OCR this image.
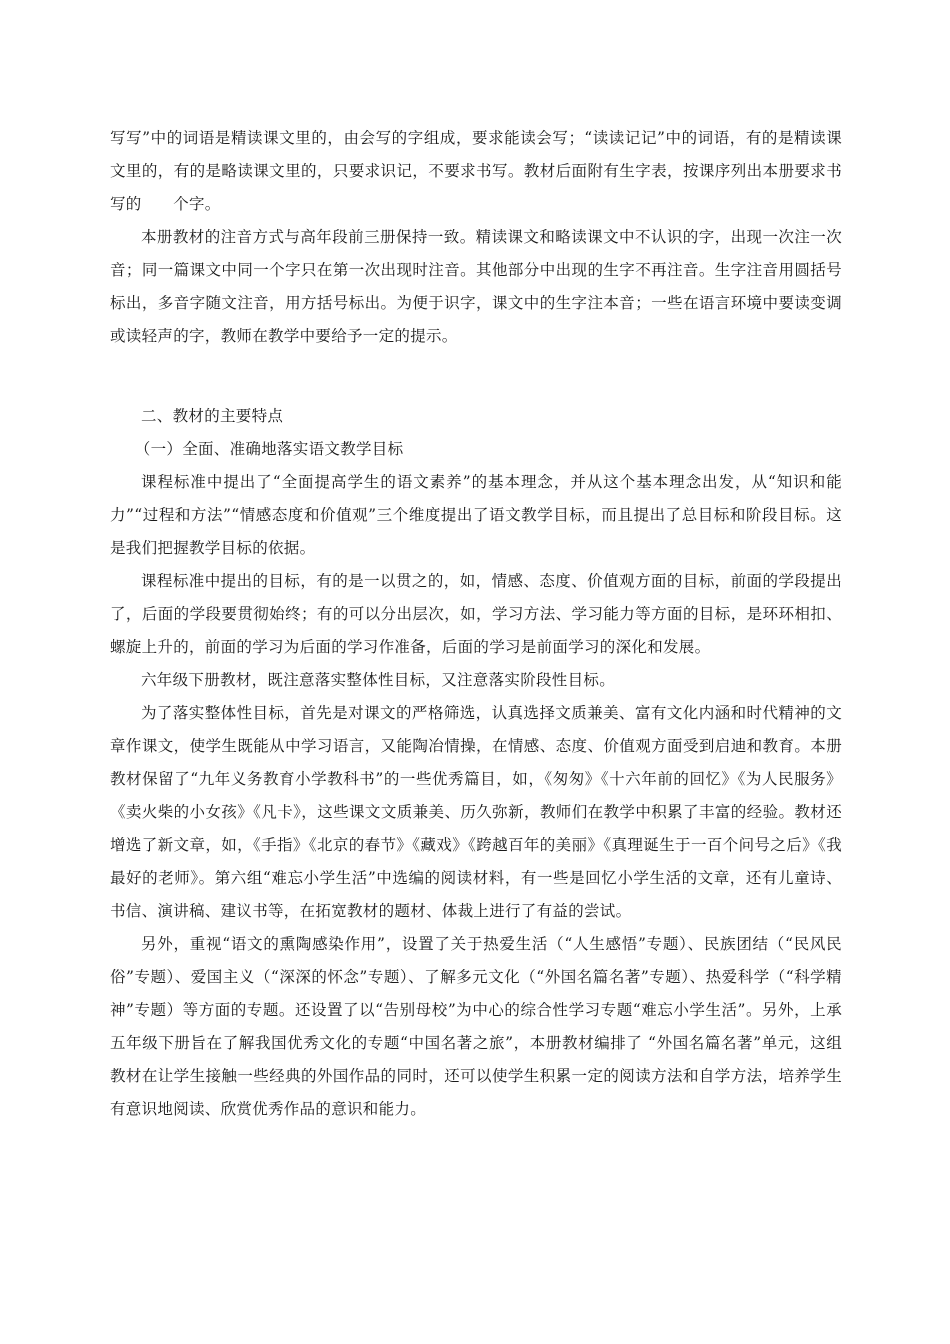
写写”中的词语是精读课文里的，由会写的字组成，要求能读会写；“读读记记”中的词语，有的是精读课文里的，有的是略读课文里的，只要求识记，不要求书写。教材后面附有生字表，按课序列出本册要求书写的　　个字。

本册教材的注音方式与高年段前三册保持一致。精读课文和略读课文中不认识的字，出现一次注一次音；同一篇课文中同一个字只在第一次出现时注音。其他部分中出现的生字不再注音。生字注音用圆括号标出，多音字随文注音，用方括号标出。为便于识字，课文中的生字注本音；一些在语言环境中要读变调或读轻声的字，教师在教学中要给予一定的提示。

二、教材的主要特点

（一）全面、准确地落实语文教学目标

课程标准中提出了“全面提高学生的语文素养”的基本理念，并从这个基本理念出发，从“知识和能力”“过程和方法”“情感态度和价值观”三个维度提出了语文教学目标，而且提出了总目标和阶段目标。这是我们把握教学目标的依据。

课程标准中提出的目标，有的是一以贯之的，如，情感、态度、价值观方面的目标，前面的学段提出了，后面的学段要贯彻始终；有的可以分出层次，如，学习方法、学习能力等方面的目标，是环环相扣、螺旋上升的，前面的学习为后面的学习作准备，后面的学习是前面学习的深化和发展。

六年级下册教材，既注意落实整体性目标，又注意落实阶段性目标。

为了落实整体性目标，首先是对课文的严格筛选，认真选择文质兼美、富有文化内涵和时代精神的文章作课文，使学生既能从中学习语言，又能陶冶情操，在情感、态度、价值观方面受到启迪和教育。本册教材保留了“九年义务教育小学教科书”的一些优秀篇目，如，《匆匆》《十六年前的回忆》《为人民服务》《卖火柴的小女孩》《凡卡》，这些课文文质兼美、历久弥新，教师们在教学中积累了丰富的经验。教材还增选了新文章，如，《手指》《北京的春节》《藏戏》《跨越百年的美丽》《真理诞生于一百个问号之后》《我最好的老师》。第六组“难忘小学生活”中选编的阅读材料，有一些是回忆小学生活的文章，还有儿童诗、书信、演讲稿、建议书等，在拓宽教材的题材、体裁上进行了有益的尝试。

另外，重视“语文的熏陶感染作用”，设置了关于热爱生活（“人生感悟”专题）、民族团结（“民风民俗”专题）、爱国主义（“深深的怀念”专题）、了解多元文化（“外国名篇名著”专题）、热爱科学（“科学精神”专题）等方面的专题。还设置了以“告别母校”为中心的综合性学习专题“难忘小学生活”。另外，上承五年级下册旨在了解我国优秀文化的专题“中国名著之旅”，本册教材编排了 “外国名篇名著”单元，这组教材在让学生接触一些经典的外国作品的同时，还可以使学生积累一定的阅读方法和自学方法，培养学生有意识地阅读、欣赏优秀作品的意识和能力。
